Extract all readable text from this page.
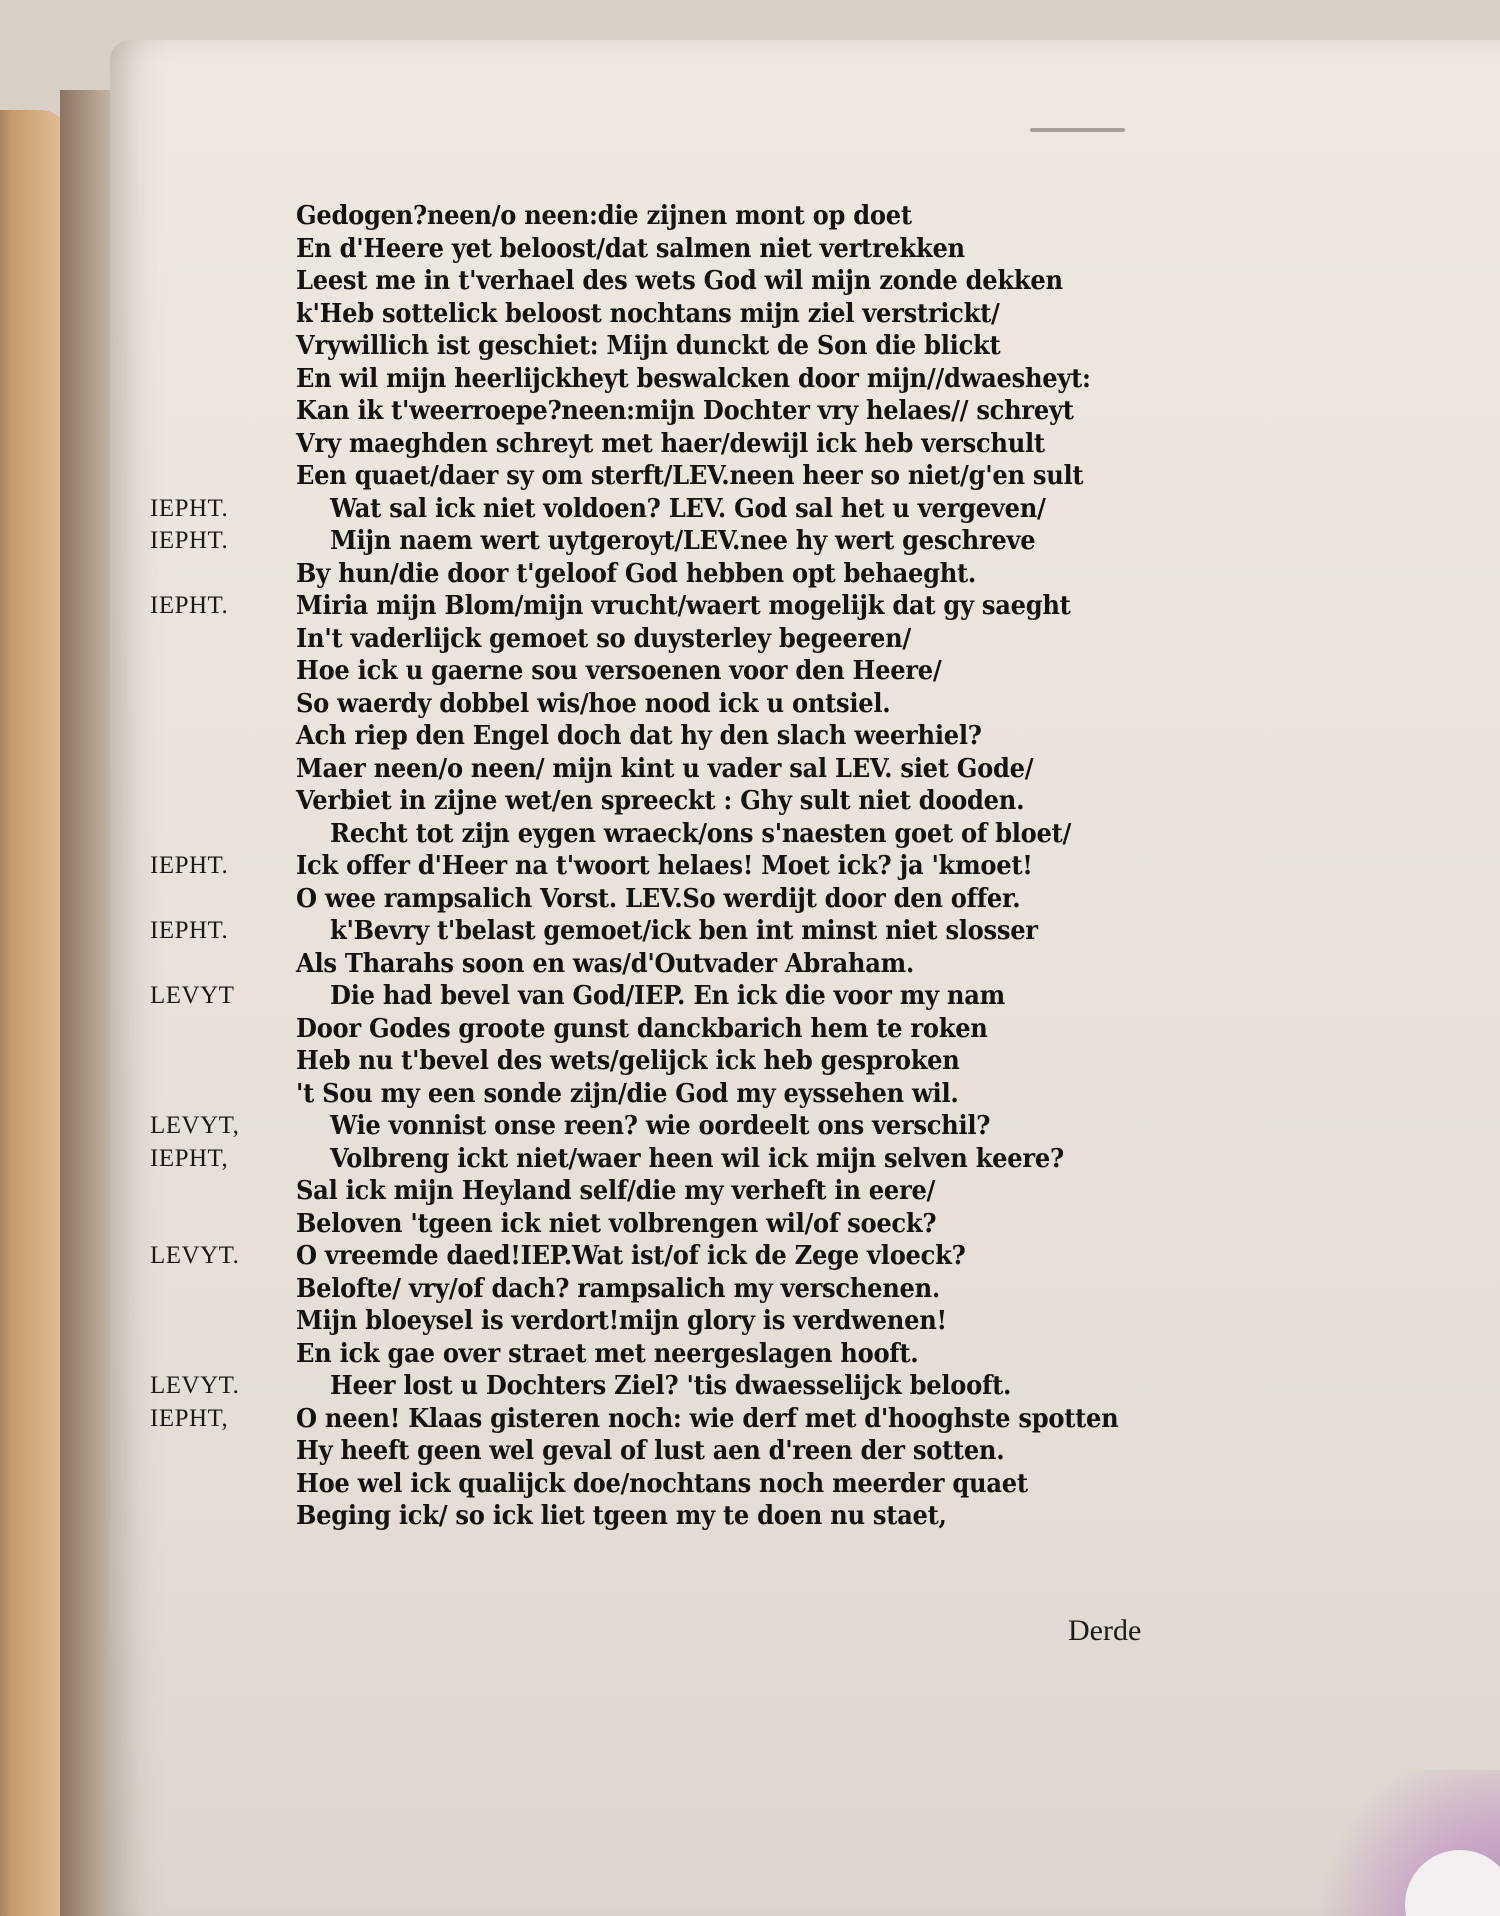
Gedogen?neen/o neen:die zijnen mont op doet
En d'Heere yet beloost/dat salmen niet vertrekken
Leest me in t'verhael des wets God wil mijn zonde dekken
k'Heb sottelick beloost nochtans mijn ziel verstrickt/
Vrywillich ist geschiet: Mijn dunckt de Son die blickt
En wil mijn heerlijckheyt beswalcken door mijn//dwaesheyt:
Kan ik t'weerroepe?neen:mijn Dochter vry helaes// schreyt
Vry maeghden schreyt met haer/dewijl ick heb verschult
Een quaet/daer sy om sterft/LEV.neen heer so niet/g'en sult
IEPHT.	Wat sal ick niet voldoen? LEV. God sal het u vergeven/
IEPHT.	Mijn naem wert uytgeroyt/LEV.nee hy wert geschreve
By hun/die door t'geloof God hebben opt behaeght.
IEPHT.	Miria mijn Blom/mijn vrucht/waert mogelijk dat gy saeght
In't vaderlijck gemoet so duysterley begeeren/
Hoe ick u gaerne sou versoenen voor den Heere/
So waerdy dobbel wis/hoe nood ick u ontsiel.
Ach riep den Engel doch dat hy den slach weerhiel?
Maer neen/o neen/ mijn kint u vader sal LEV. siet Gode/
Verbiet in zijne wet/en spreeckt : Ghy sult niet dooden.
Recht tot zijn eygen wraeck/ons s'naesten goet of bloet/
IEPHT.	Ick offer d'Heer na t'woort helaes! Moet ick? ja 'kmoet!
O wee rampsalich Vorst. LEV.So werdijt door den offer.
IEPHT.	k'Bevry t'belast gemoet/ick ben int minst niet slosser
Als Tharahs soon en was/d'Outvader Abraham.
LEVYT	Die had bevel van God/IEP. En ick die voor my nam
Door Godes groote gunst danckbarich hem te roken
Heb nu t'bevel des wets/gelijck ick heb gesproken
't Sou my een sonde zijn/die God my eyssehen wil.
LEVYT,	Wie vonnist onse reen? wie oordeelt ons verschil?
IEPHT,	Volbreng ickt niet/waer heen wil ick mijn selven keere?
Sal ick mijn Heyland self/die my verheft in eere/
Beloven 'tgeen ick niet volbrengen wil/of soeck?
LEVYT. O vreemde daed!IEP.Wat ist/of ick de Zege vloeck?
Belofte/ vry/of dach? rampsalich my verschenen.
Mijn bloeysel is verdort!mijn glory is verdwenen!
En ick gae over straet met neergeslagen hooft.
LEVYT.	Heer lost u Dochters Ziel? 'tis dwaesselijck belooft.
IEPHT,	O neen! Klaas gisteren noch: wie derf met d'hooghste spotten
Hy heeft geen wel geval of lust aen d'reen der sotten.
Hoe wel ick qualijck doe/nochtans noch meerder quaet
Beging ick/ so ick liet tgeen my te doen nu staet,
Derde
